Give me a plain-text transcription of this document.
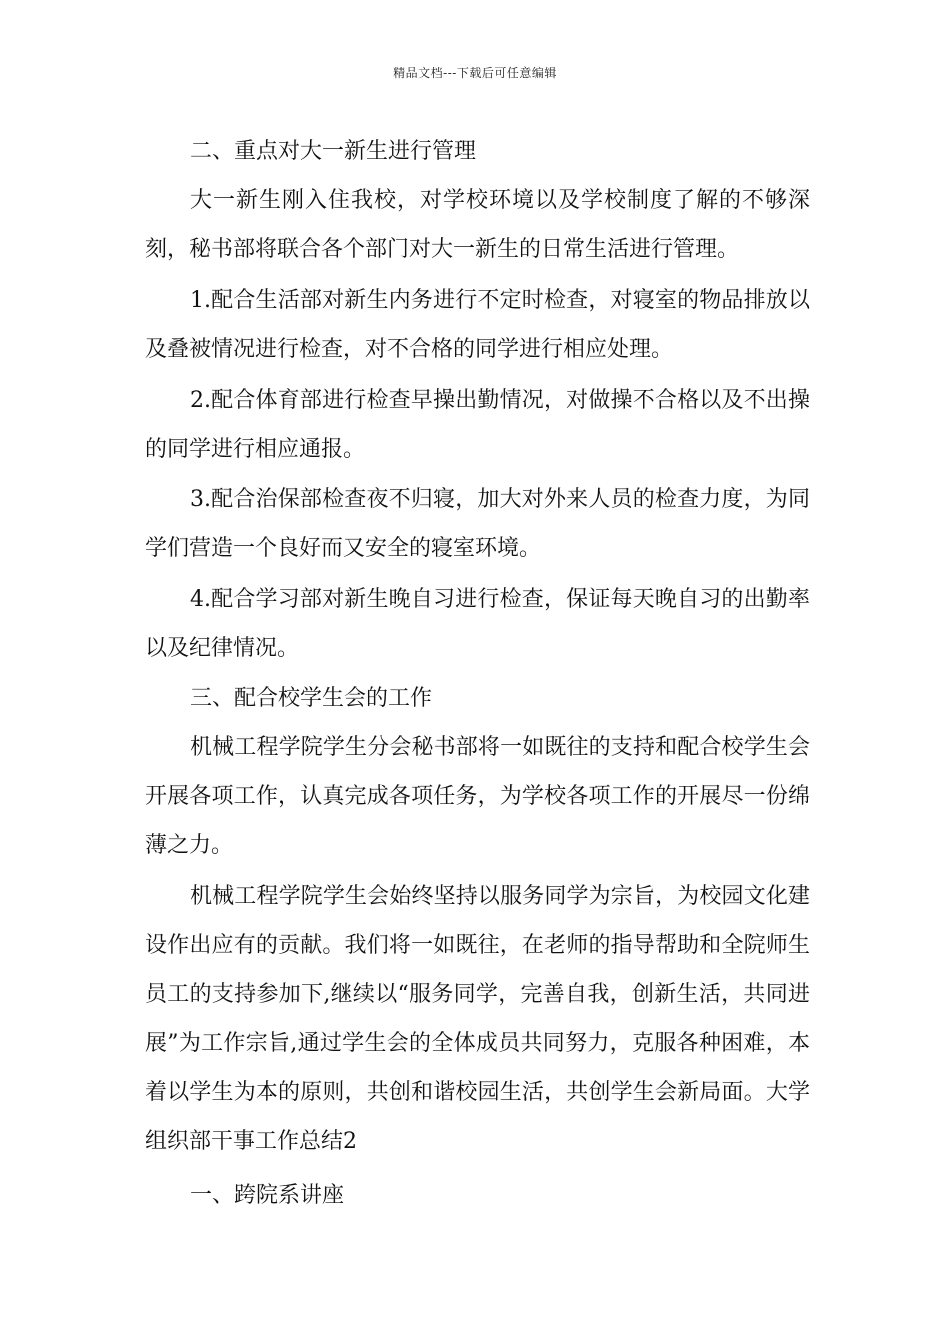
精品文档---下载后可任意编辑

二、重点对大一新生进行管理

大一新生刚入住我校，对学校环境以及学校制度了解的不够深刻，秘书部将联合各个部门对大一新生的日常生活进行管理。

1.配合生活部对新生内务进行不定时检查，对寝室的物品排放以及叠被情况进行检查，对不合格的同学进行相应处理。

2.配合体育部进行检查早操出勤情况，对做操不合格以及不出操的同学进行相应通报。

3.配合治保部检查夜不归寝，加大对外来人员的检查力度，为同学们营造一个良好而又安全的寝室环境。

4.配合学习部对新生晚自习进行检查，保证每天晚自习的出勤率以及纪律情况。

三、配合校学生会的工作

机械工程学院学生分会秘书部将一如既往的支持和配合校学生会开展各项工作，认真完成各项任务，为学校各项工作的开展尽一份绵薄之力。

机械工程学院学生会始终坚持以服务同学为宗旨，为校园文化建设作出应有的贡献。我们将一如既往，在老师的指导帮助和全院师生员工的支持参加下,继续以“服务同学，完善自我，创新生活，共同进展”为工作宗旨,通过学生会的全体成员共同努力，克服各种困难，本着以学生为本的原则，共创和谐校园生活，共创学生会新局面。大学组织部干事工作总结2

一、跨院系讲座
